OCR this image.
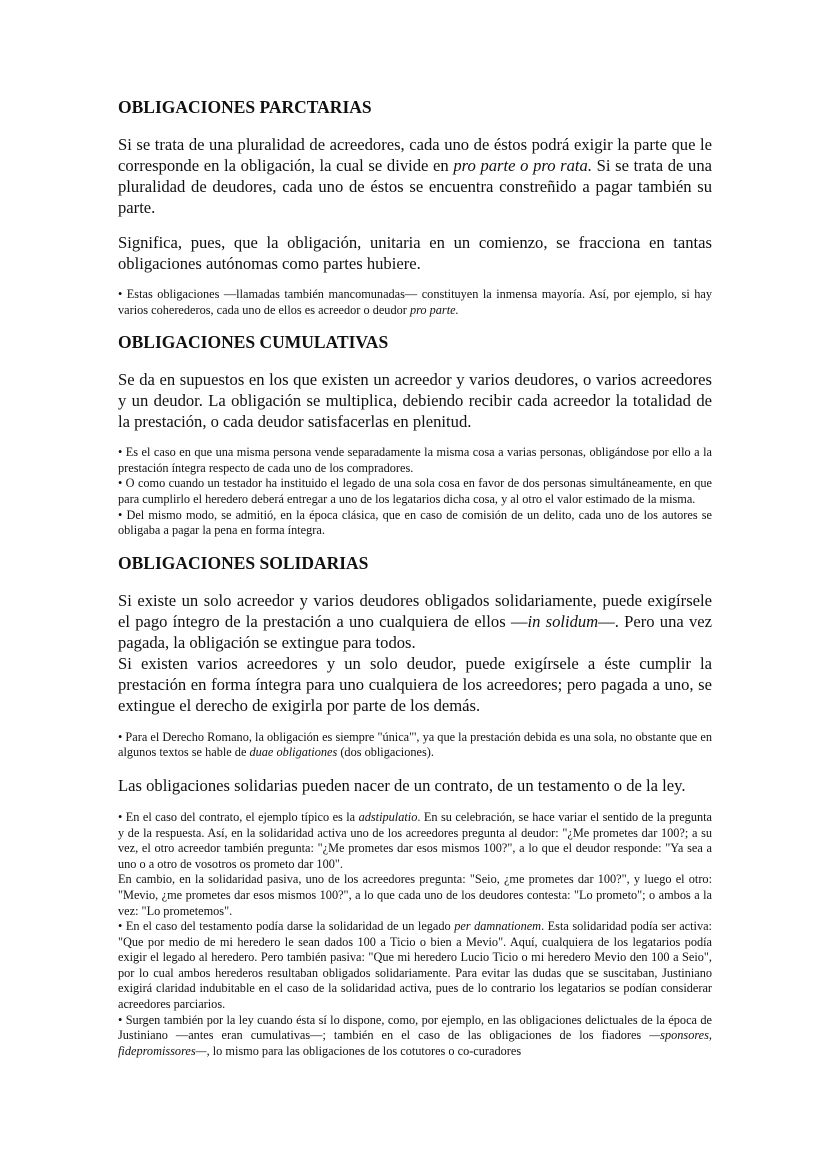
OBLIGACIONES PARCTARIAS

Si se trata de una pluralidad de acreedores, cada uno de éstos podrá exigir la parte que le corresponde en la obligación, la cual se divide en pro parte o pro rata. Si se trata de una pluralidad de deudores, cada uno de éstos se encuentra constreñido a pagar también su parte.

Significa, pues, que la obligación, unitaria en un comienzo, se fracciona en tantas obligaciones autónomas como partes hubiere.

• Estas obligaciones —llamadas también mancomunadas— constituyen la inmensa mayoría. Así, por ejemplo, si hay varios coherederos, cada uno de ellos es acreedor o deudor pro parte.

OBLIGACIONES CUMULATIVAS

Se da en supuestos en los que existen un acreedor y varios deudores, o varios acreedores y un deudor. La obligación se multiplica, debiendo recibir cada acreedor la totalidad de la prestación, o cada deudor satisfacerlas en plenitud.

• Es el caso en que una misma persona vende separadamente la misma cosa a varias personas, obligándose por ello a la prestación íntegra respecto de cada uno de los compradores.

• O como cuando un testador ha instituido el legado de una sola cosa en favor de dos personas simultáneamente, en que para cumplirlo el heredero deberá entregar a uno de los legatarios dicha cosa, y al otro el valor estimado de la misma.

• Del mismo modo, se admitió, en la época clásica, que en caso de comisión de un delito, cada uno de los autores se obligaba a pagar la pena en forma íntegra.

OBLIGACIONES SOLIDARIAS

Si existe un solo acreedor y varios deudores obligados solidariamente, puede exigírsele el pago íntegro de la prestación a uno cualquiera de ellos —in solidum—. Pero una vez pagada, la obligación se extingue para todos.

Si existen varios acreedores y un solo deudor, puede exigírsele a éste cumplir la prestación en forma íntegra para uno cualquiera de los acreedores; pero pagada a uno, se extingue el derecho de exigirla por parte de los demás.

• Para el Derecho Romano, la obligación es siempre "única"', ya que la prestación debida es una sola, no obstante que en algunos textos se hable de duae obligationes (dos obligaciones).

Las obligaciones solidarias pueden nacer de un contrato, de un testamento o de la ley.

• En el caso del contrato, el ejemplo típico es la adstipulatio. En su celebración, se hace variar el sentido de la pregunta y de la respuesta. Así, en la solidaridad activa uno de los acreedores pregunta al deudor: "¿Me prometes dar 100?; a su vez, el otro acreedor también pregunta: "¿Me prometes dar esos mismos 100?", a lo que el deudor responde: "Ya sea a uno o a otro de vosotros os prometo dar 100".

En cambio, en la solidaridad pasiva, uno de los acreedores pregunta: "Seio, ¿me prometes dar 100?", y luego el otro: "Mevio, ¿me prometes dar esos mismos 100?", a lo que cada uno de los deudores contesta: "Lo prometo"; o ambos a la vez: "Lo prometemos".

• En el caso del testamento podía darse la solidaridad de un legado per damnationem. Esta solidaridad podía ser activa: "Que por medio de mi heredero le sean dados 100 a Ticio o bien a Mevio". Aquí, cualquiera de los legatarios podía exigir el legado al heredero. Pero también pasiva: "Que mi heredero Lucio Ticio o mi heredero Mevio den 100 a Seio", por lo cual ambos herederos resultaban obligados solidariamente. Para evitar las dudas que se suscitaban, Justiniano exigirá claridad indubitable en el caso de la solidaridad activa, pues de lo contrario los legatarios se podían considerar acreedores parciarios.

• Surgen también por la ley cuando ésta sí lo dispone, como, por ejemplo, en las obligaciones delictuales de la época de Justiniano —antes eran cumulativas—; también en el caso de las obligaciones de los fiadores —sponsores, fidepromissores—, lo mismo para las obligaciones de los cotutores o co-curadores
